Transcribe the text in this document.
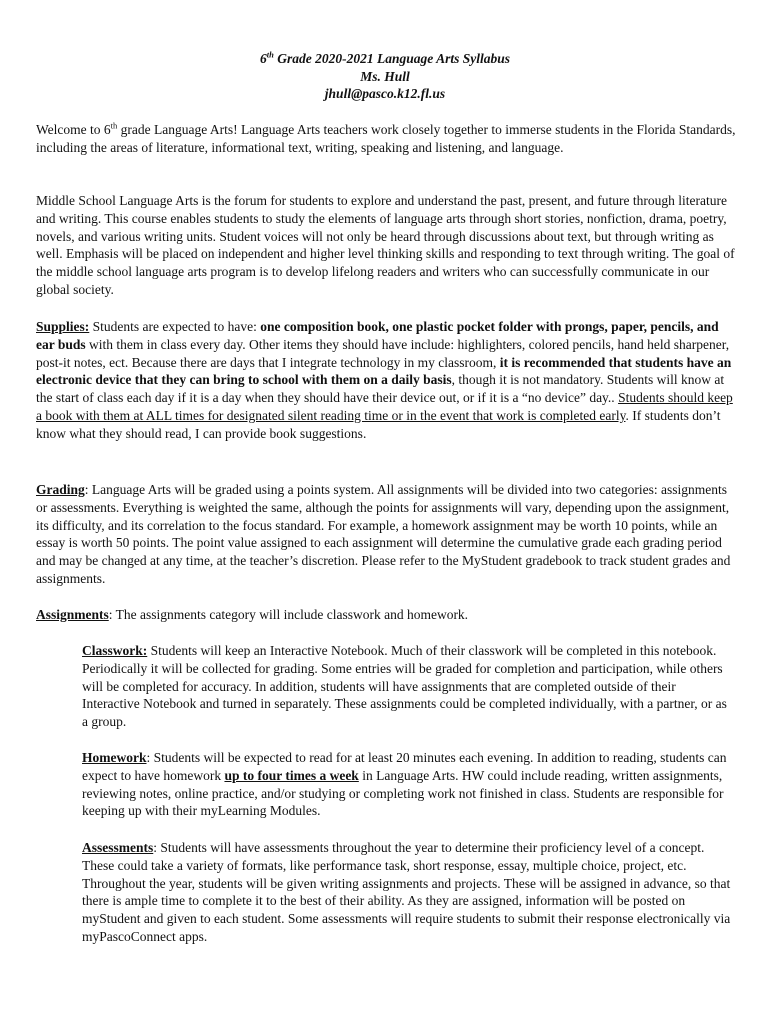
6th Grade 2020-2021 Language Arts Syllabus
Ms. Hull
jhull@pasco.k12.fl.us

Welcome to 6th grade Language Arts! Language Arts teachers work closely together to immerse students in the Florida Standards, including the areas of literature, informational text, writing, speaking and listening, and language.

Middle School Language Arts is the forum for students to explore and understand the past, present, and future through literature and writing. This course enables students to study the elements of language arts through short stories, nonfiction, drama, poetry, novels, and various writing units. Student voices will not only be heard through discussions about text, but through writing as well. Emphasis will be placed on independent and higher level thinking skills and responding to text through writing. The goal of the middle school language arts program is to develop lifelong readers and writers who can successfully communicate in our global society.

Supplies: Students are expected to have: one composition book, one plastic pocket folder with prongs, paper, pencils, and ear buds with them in class every day. Other items they should have include: highlighters, colored pencils, hand held sharpener, post-it notes, ect. Because there are days that I integrate technology in my classroom, it is recommended that students have an electronic device that they can bring to school with them on a daily basis, though it is not mandatory. Students will know at the start of class each day if it is a day when they should have their device out, or if it is a “no device” day.. Students should keep a book with them at ALL times for designated silent reading time or in the event that work is completed early. If students don’t know what they should read, I can provide book suggestions.

Grading: Language Arts will be graded using a points system. All assignments will be divided into two categories: assignments or assessments. Everything is weighted the same, although the points for assignments will vary, depending upon the assignment, its difficulty, and its correlation to the focus standard. For example, a homework assignment may be worth 10 points, while an essay is worth 50 points. The point value assigned to each assignment will determine the cumulative grade each grading period and may be changed at any time, at the teacher’s discretion. Please refer to the MyStudent gradebook to track student grades and assignments.

Assignments: The assignments category will include classwork and homework.

Classwork: Students will keep an Interactive Notebook. Much of their classwork will be completed in this notebook. Periodically it will be collected for grading. Some entries will be graded for completion and participation, while others will be completed for accuracy. In addition, students will have assignments that are completed outside of their Interactive Notebook and turned in separately. These assignments could be completed individually, with a partner, or as a group.

Homework: Students will be expected to read for at least 20 minutes each evening. In addition to reading, students can expect to have homework up to four times a week in Language Arts. HW could include reading, written assignments, reviewing notes, online practice, and/or studying or completing work not finished in class. Students are responsible for keeping up with their myLearning Modules.

Assessments: Students will have assessments throughout the year to determine their proficiency level of a concept. These could take a variety of formats, like performance task, short response, essay, multiple choice, project, etc. Throughout the year, students will be given writing assignments and projects. These will be assigned in advance, so that there is ample time to complete it to the best of their ability. As they are assigned, information will be posted on myStudent and given to each student. Some assessments will require students to submit their response electronically via myPascoConnect apps.
